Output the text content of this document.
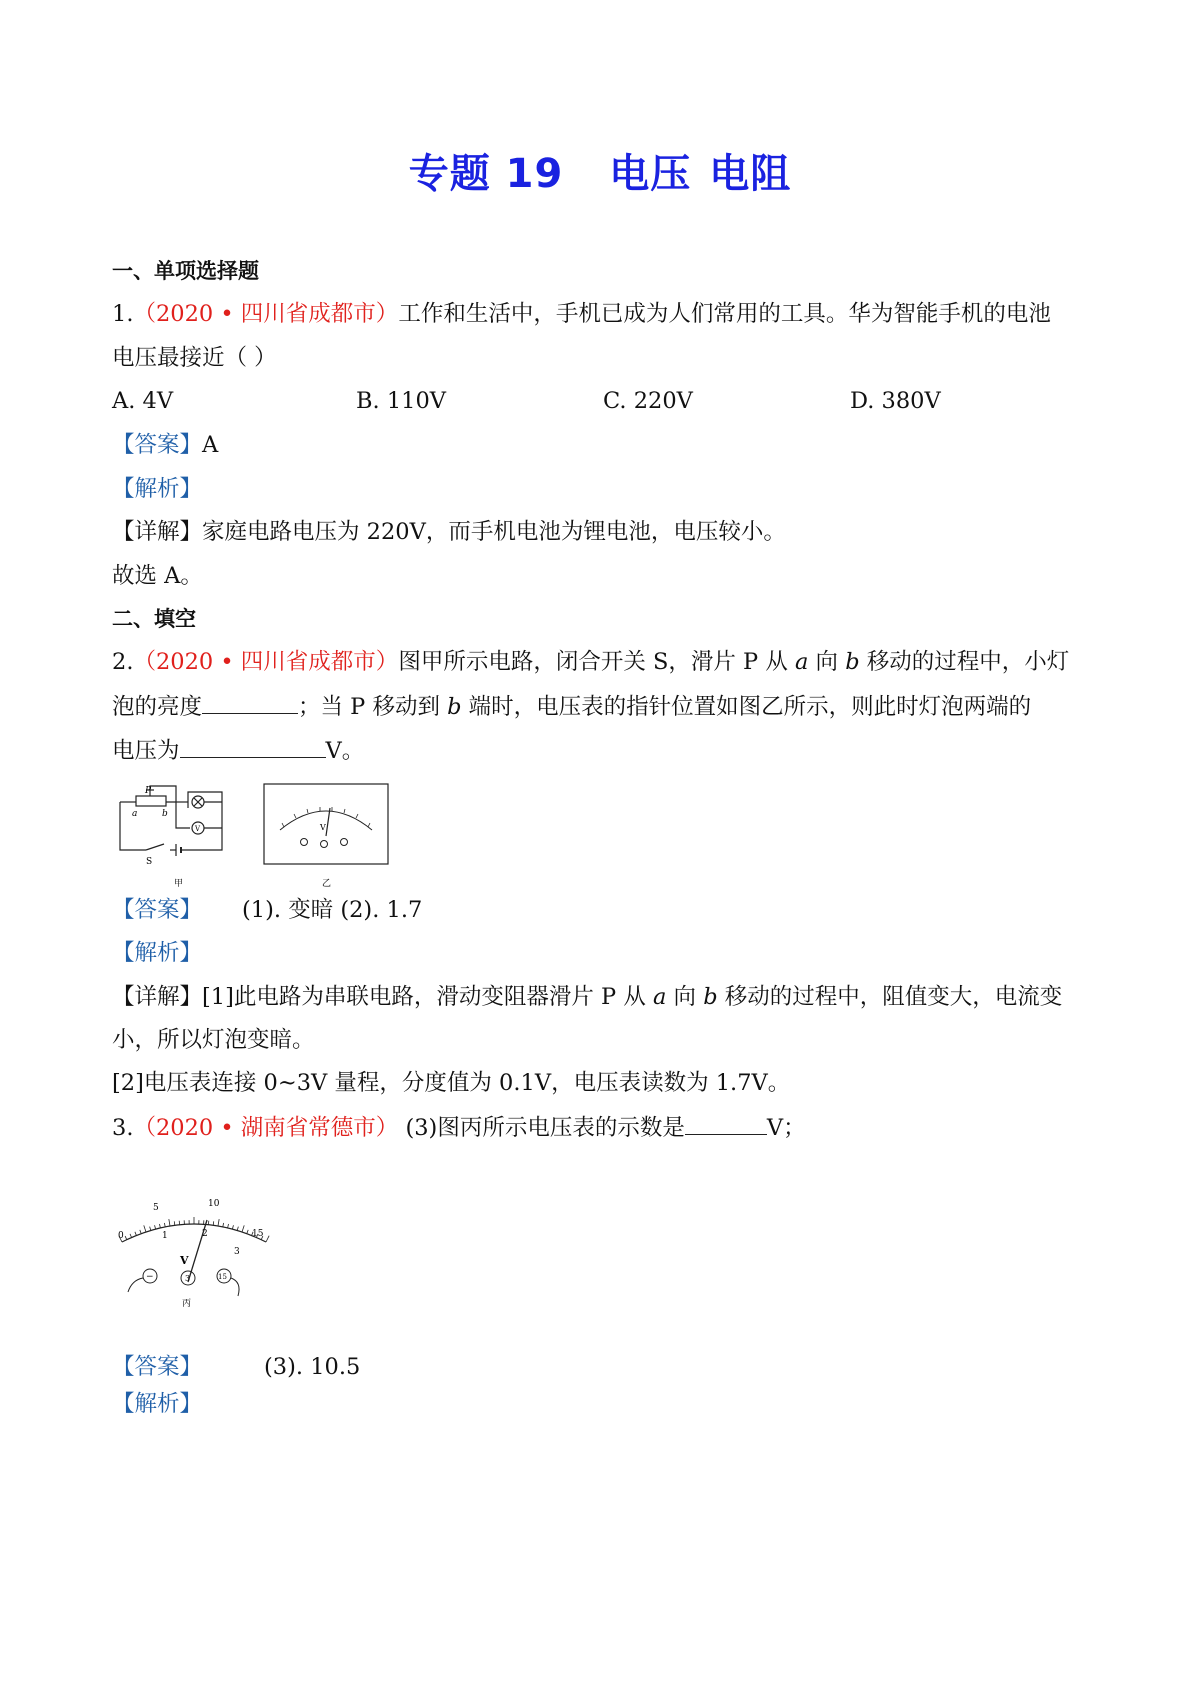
专题 19 电压 电阻
一、单项选择题
1.（2020 • 四川省成都市）工作和生活中，手机已成为人们常用的工具。华为智能手机的电池
电压最接近（ ）
A. 4V	B. 110V	C. 220V	D. 380V
【答案】A
【解析】
【详解】家庭电路电压为 220V，而手机电池为锂电池，电压较小。
故选 A。
二、填空
2.（2020 • 四川省成都市）图甲所示电路，闭合开关 S，滑片 P 从 a 向 b 移动的过程中，小灯
泡的亮度	；当 P 移动到 b 端时，电压表的指针位置如图乙所示，则此时灯泡两端的
电压为	V。
P
a	b
V
S
甲
V
乙
【答案】 (1). 变暗 (2). 1.7
【解析】
【详解】[1]此电路为串联电路，滑动变阻器滑片 P 从 a 向 b 移动的过程中，阻值变大，电流变
小，所以灯泡变暗。
[2]电压表连接 0~3V 量程，分度值为 0.1V，电压表读数为 1.7V。
3.（2020 • 湖南省常德市） (3)图丙所示电压表的示数是	V；
0
5	10
15
1	2
3
V
−	3	15
丙
【答案】	(3). 10.5
【解析】
